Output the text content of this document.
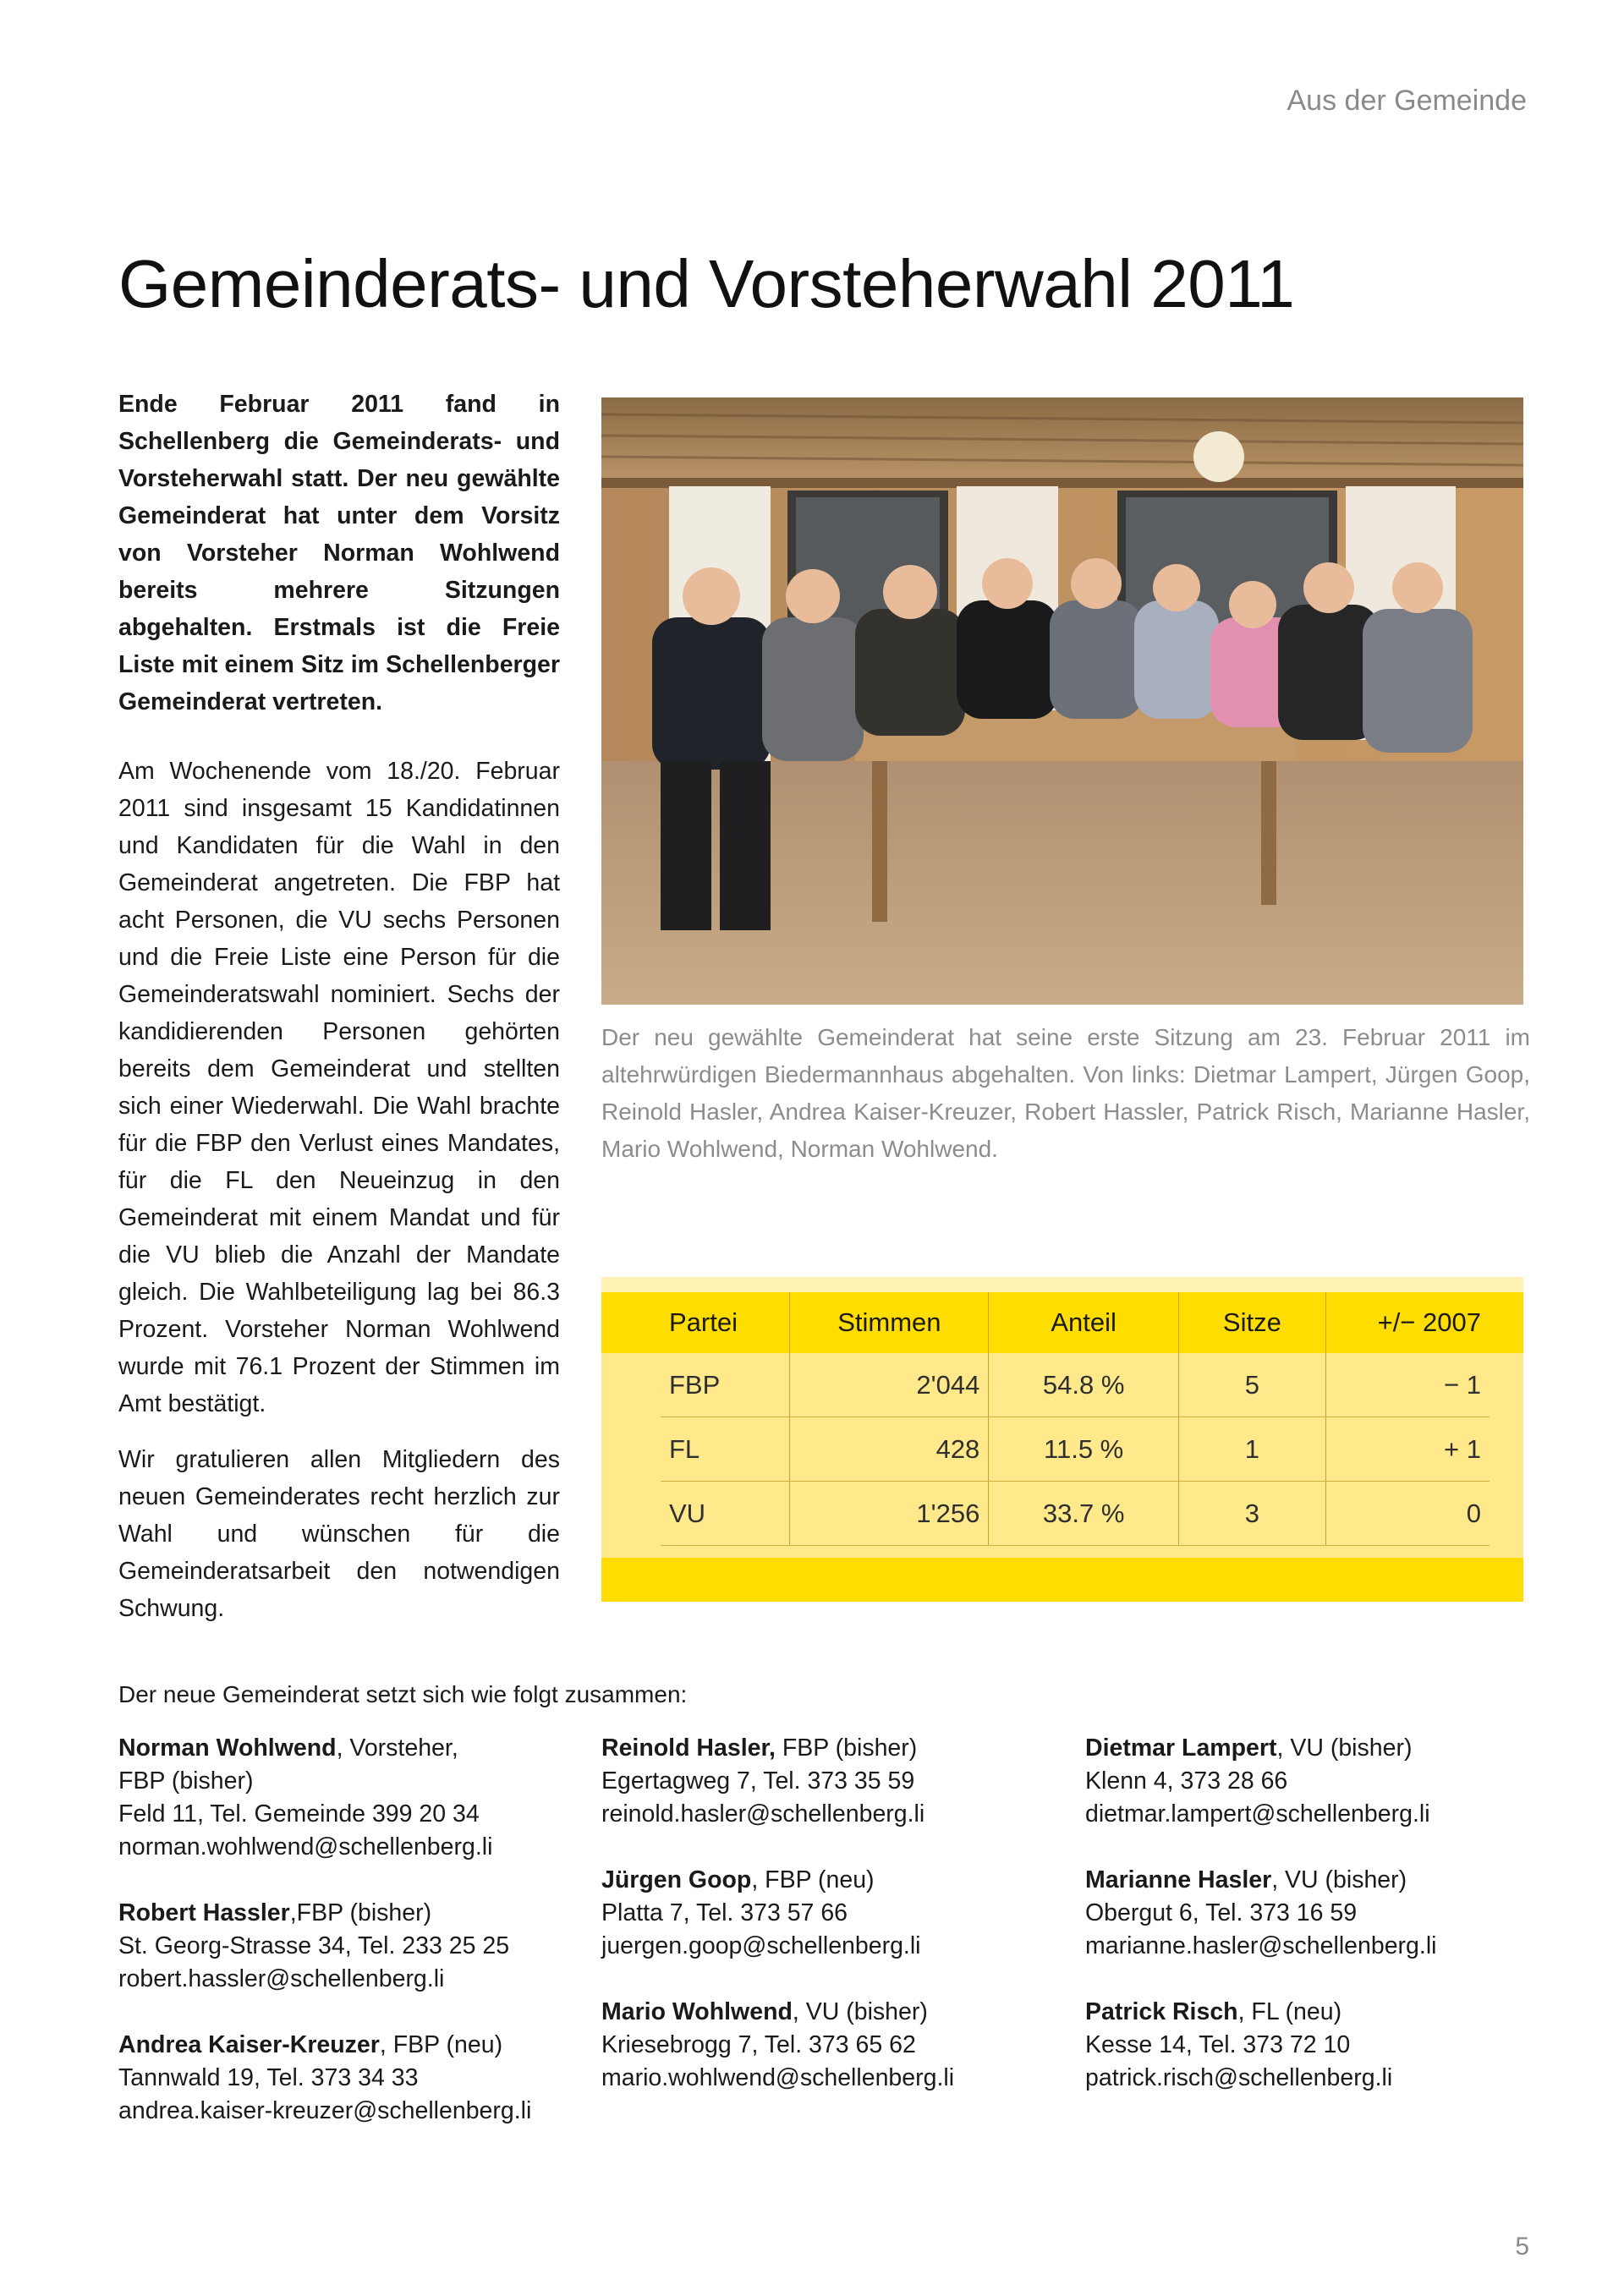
Aus der Gemeinde
Gemeinderats- und Vorsteherwahl 2011

Ende Februar 2011 fand in Schellenberg die Gemeinderats- und Vorsteherwahl statt. Der neu gewählte Gemeinderat hat unter dem Vorsitz von Vorsteher Norman Wohlwend bereits mehrere Sitzungen abgehalten. Erstmals ist die Freie Liste mit einem Sitz im Schellenberger Gemeinderat vertreten.

Am Wochenende vom 18./20. Februar 2011 sind insgesamt 15 Kandidatinnen und Kandidaten für die Wahl in den Gemeinderat angetreten. Die FBP hat acht Personen, die VU sechs Personen und die Freie Liste eine Person für die Gemeinderatswahl nominiert. Sechs der kandidierenden Personen gehörten bereits dem Gemeinderat und stellten sich einer Wiederwahl. Die Wahl brachte für die FBP den Verlust eines Mandates, für die FL den Neueinzug in den Gemeinderat mit einem Mandat und für die VU blieb die Anzahl der Mandate gleich. Die Wahlbeteiligung lag bei 86.3 Prozent. Vorsteher Norman Wohlwend wurde mit 76.1 Prozent der Stimmen im Amt bestätigt.

Wir gratulieren allen Mitgliedern des neuen Gemeinderates recht herzlich zur Wahl und wünschen für die Gemeinderatsarbeit den notwendigen Schwung.

Der neu gewählte Gemeinderat hat seine erste Sitzung am 23. Februar 2011 im altehrwürdigen Biedermannhaus abgehalten. Von links: Dietmar Lampert, Jürgen Goop, Reinold Hasler, Andrea Kaiser-Kreuzer, Robert Hassler, Patrick Risch, Marianne Hasler, Mario Wohlwend, Norman Wohlwend.
Partei	Stimmen	Anteil	Sitze	+/− 2007
FBP	2'044	54.8 %	5	− 1
FL	428	11.5 %	1	+ 1
VU	1'256	33.7 %	3	0
Der neue Gemeinderat setzt sich wie folgt zusammen:
Norman Wohlwend, Vorsteher,
FBP (bisher)
Feld 11, Tel. Gemeinde 399 20 34
norman.wohlwend@schellenberg.li
Robert Hassler,FBP (bisher)
St. Georg-Strasse 34, Tel. 233 25 25
robert.hassler@schellenberg.li
Andrea Kaiser-Kreuzer, FBP (neu)
Tannwald 19, Tel. 373 34 33
andrea.kaiser-kreuzer@schellenberg.li
Reinold Hasler, FBP (bisher)
Egertagweg 7, Tel. 373 35 59
reinold.hasler@schellenberg.li
Jürgen Goop, FBP (neu)
Platta 7, Tel. 373 57 66
juergen.goop@schellenberg.li
Mario Wohlwend, VU (bisher)
Kriesebrogg 7, Tel. 373 65 62
mario.wohlwend@schellenberg.li
Dietmar Lampert, VU (bisher)
Klenn 4, 373 28 66
dietmar.lampert@schellenberg.li
Marianne Hasler, VU (bisher)
Obergut 6, Tel. 373 16 59
marianne.hasler@schellenberg.li
Patrick Risch, FL (neu)
Kesse 14, Tel. 373 72 10
patrick.risch@schellenberg.li
5
